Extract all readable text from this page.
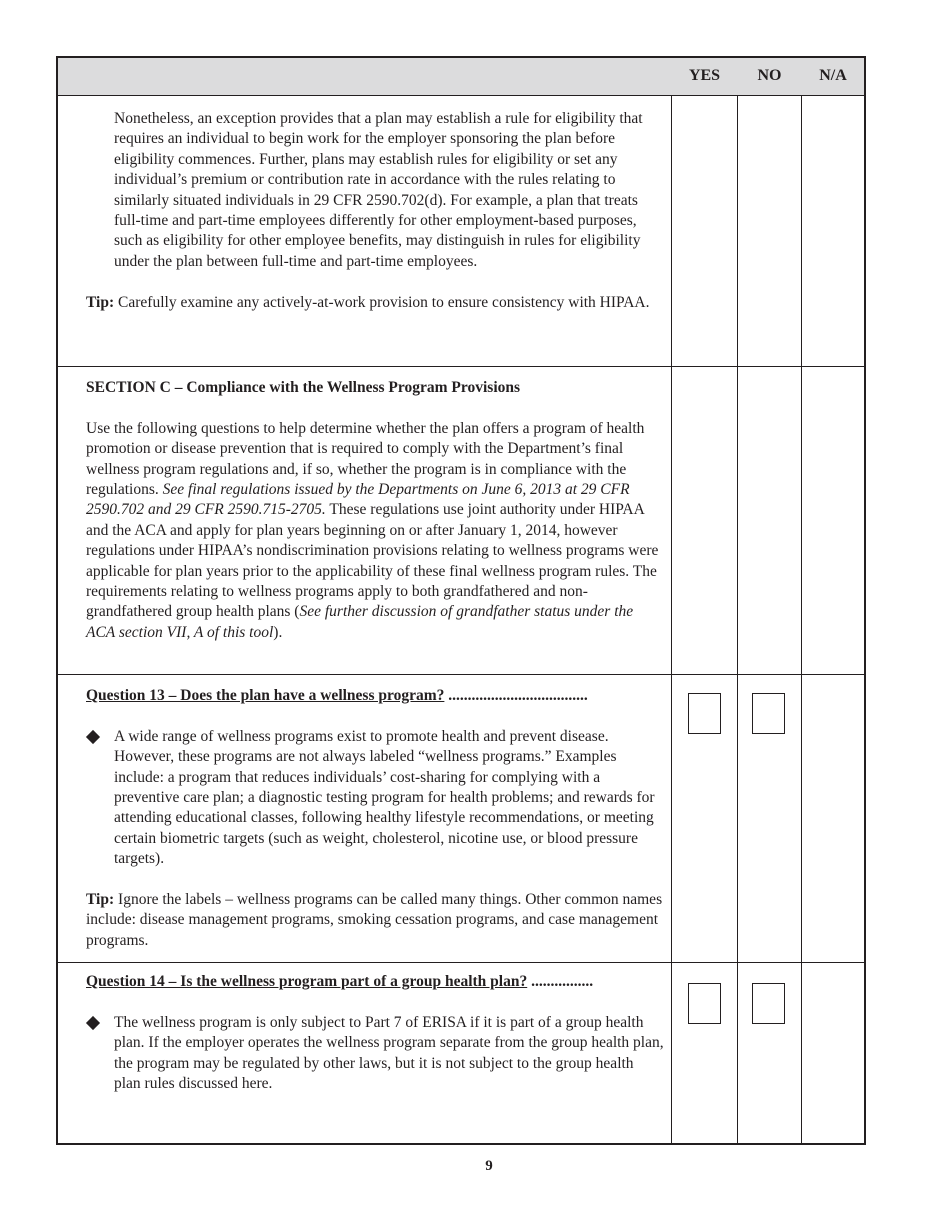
YES	NO	N/A

Nonetheless, an exception provides that a plan may establish a rule for eligibility that requires an individual to begin work for the employer sponsoring the plan before eligibility commences. Further, plans may establish rules for eligibility or set any individual’s premium or contribution rate in accordance with the rules relating to similarly situated individuals in 29 CFR 2590.702(d). For example, a plan that treats full-time and part-time employees differently for other employment-based purposes, such as eligibility for other employee benefits, may distinguish in rules for eligibility under the plan between full-time and part-time employees.

Tip: Carefully examine any actively-at-work provision to ensure consistency with HIPAA.

SECTION C – Compliance with the Wellness Program Provisions

Use the following questions to help determine whether the plan offers a program of health promotion or disease prevention that is required to comply with the Department’s final wellness program regulations and, if so, whether the program is in compliance with the regulations. See final regulations issued by the Departments on June 6, 2013 at 29 CFR 2590.702 and 29 CFR 2590.715-2705. These regulations use joint authority under HIPAA and the ACA and apply for plan years beginning on or after January 1, 2014, however regulations under HIPAA’s nondiscrimination provisions relating to wellness programs were applicable for plan years prior to the applicability of these final wellness program rules. The requirements relating to wellness programs apply to both grandfathered and non-grandfathered group health plans (See further discussion of grandfather status under the ACA section VII, A of this tool).

Question 13 – Does the plan have a wellness program? ....................................

A wide range of wellness programs exist to promote health and prevent disease. However, these programs are not always labeled “wellness programs.” Examples include: a program that reduces individuals’ cost-sharing for complying with a preventive care plan; a diagnostic testing program for health problems; and rewards for attending educational classes, following healthy lifestyle recommendations, or meeting certain biometric targets (such as weight, cholesterol, nicotine use, or blood pressure targets).

Tip: Ignore the labels – wellness programs can be called many things. Other common names include: disease management programs, smoking cessation programs, and case management programs.

Question 14 – Is the wellness program part of a group health plan? ................

The wellness program is only subject to Part 7 of ERISA if it is part of a group health plan. If the employer operates the wellness program separate from the group health plan, the program may be regulated by other laws, but it is not subject to the group health plan rules discussed here.

9
